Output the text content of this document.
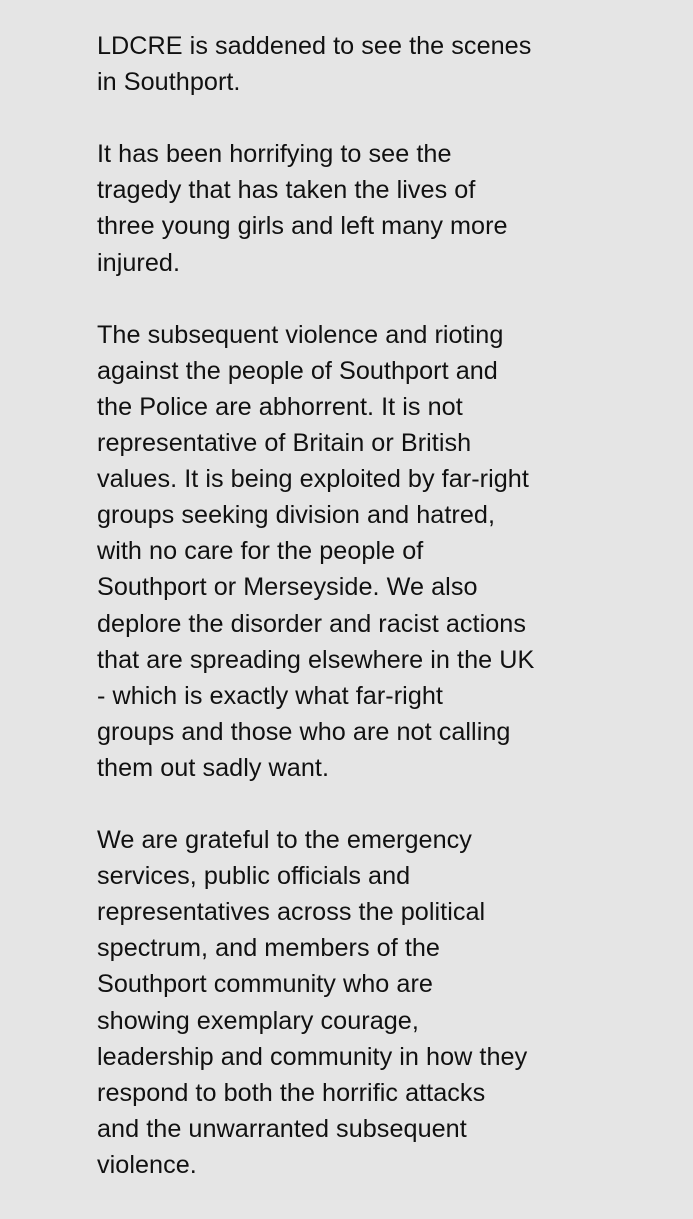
LDCRE is saddened to see the scenes
in Southport.

It has been horrifying to see the
tragedy that has taken the lives of
three young girls and left many more
injured.

The subsequent violence and rioting
against the people of Southport and
the Police are abhorrent. It is not
representative of Britain or British
values. It is being exploited by far-right
groups seeking division and hatred,
with no care for the people of
Southport or Merseyside. We also
deplore the disorder and racist actions
that are spreading elsewhere in the UK
- which is exactly what far-right
groups and those who are not calling
them out sadly want.

We are grateful to the emergency
services, public officials and
representatives across the political
spectrum, and members of the
Southport community who are
showing exemplary courage,
leadership and community in how they
respond to both the horrific attacks
and the unwarranted subsequent
violence.
